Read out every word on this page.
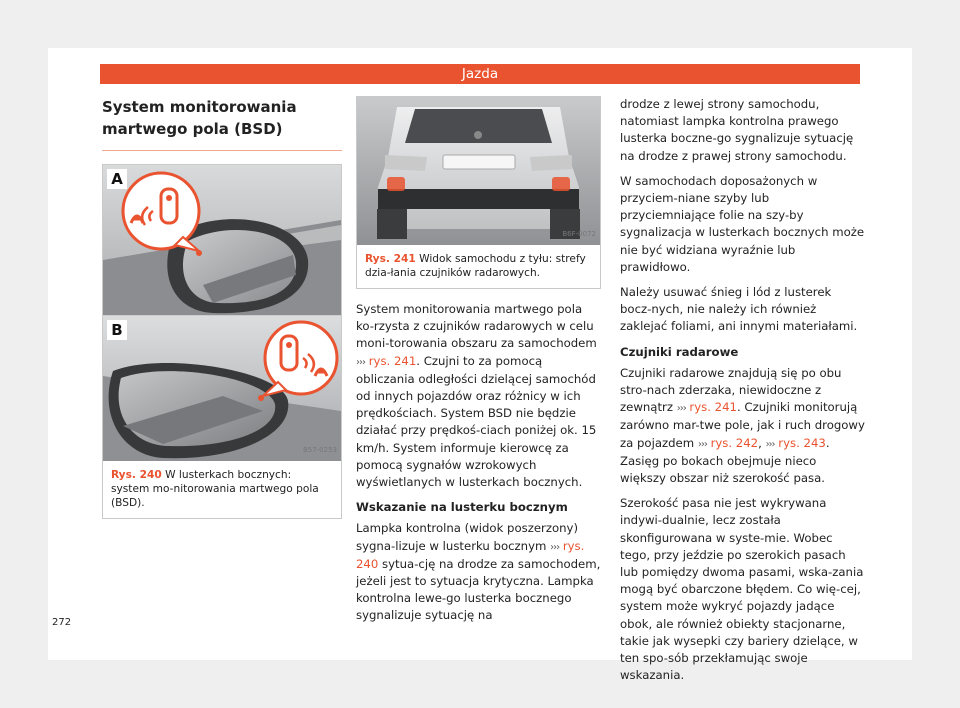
Jazda
System monitorowania martwego pola (BSD)
A
B
B57-0253
Rys. 240 W lusterkach bocznych: system mo-nitorowania martwego pola (BSD).
B6F-0072
Rys. 241 Widok samochodu z tyłu: strefy dzia-łania czujników radarowych.

System monitorowania martwego pola ko-rzysta z czujników radarowych w celu moni-torowania obszaru za samochodem ››› rys. 241. Czujni to za pomocą obliczania odległości dzielącej samochód od innych pojazdów oraz różnicy w ich prędkościach. System BSD nie będzie działać przy prędkoś-ciach poniżej ok. 15 km/h. System informuje kierowcę za pomocą sygnałów wzrokowych wyświetlanych w lusterkach bocznych.

Wskazanie na lusterku bocznym

Lampka kontrolna (widok poszerzony) sygna-lizuje w lusterku bocznym ››› rys. 240 sytua-cję na drodze za samochodem, jeżeli jest to sytuacja krytyczna. Lampka kontrolna lewe-go lusterka bocznego sygnalizuje sytuację na

drodze z lewej strony samochodu, natomiast lampka kontrolna prawego lusterka boczne-go sygnalizuje sytuację na drodze z prawej strony samochodu.

W samochodach doposażonych w przyciem-niane szyby lub przyciemniające folie na szy-by sygnalizacja w lusterkach bocznych może nie być widziana wyraźnie lub prawidłowo.

Należy usuwać śnieg i lód z lusterek bocz-nych, nie należy ich również zaklejać foliami, ani innymi materiałami.

Czujniki radarowe

Czujniki radarowe znajdują się po obu stro-nach zderzaka, niewidoczne z zewnątrz ››› rys. 241. Czujniki monitorują zarówno mar-twe pole, jak i ruch drogowy za pojazdem ››› rys. 242, ››› rys. 243. Zasięg po bokach obejmuje nieco większy obszar niż szerokość pasa.

Szerokość pasa nie jest wykrywana indywi-dualnie, lecz została skonfigurowana w syste-mie. Wobec tego, przy jeździe po szerokich pasach lub pomiędzy dwoma pasami, wska-zania mogą być obarczone błędem. Co wię-cej, system może wykryć pojazdy jadące obok, ale również obiekty stacjonarne, takie jak wysepki czy bariery dzielące, w ten spo-sób przekłamując swoje wskazania.

272
